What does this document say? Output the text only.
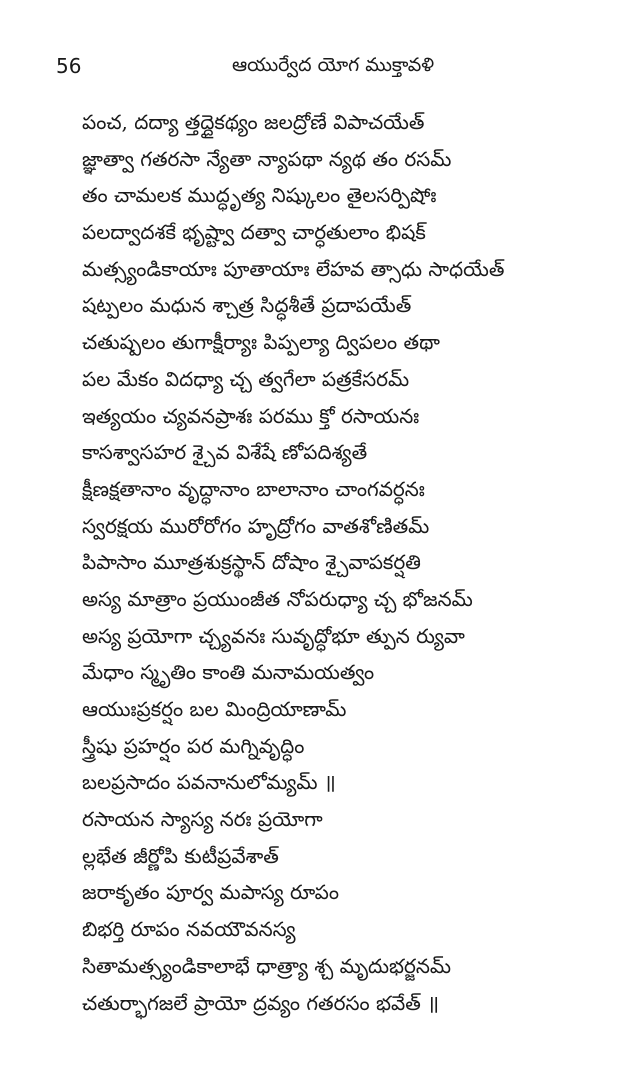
56	ఆయుర్వేద యోగ ముక్తావళి
పంచ, దద్యా త్తద్దైకథ్యం జలద్రోణే విపాచయేత్
జ్ఞాత్వా గతరసా న్యేతా న్యాపథా న్యథ తం రసమ్
తం చామలక ముద్ధృత్య నిష్కులం తైలసర్పిషోః
పలద్వాదశకే భృష్ట్వా దత్వా చార్ధతులాం భిషక్
మత్స్యండికాయాః పూతాయాః లేహవ త్సాధు సాధయేత్
షట్పలం మధున శ్చాత్ర సిద్ధశీతే ప్రదాపయేత్
చతుష్పలం తుగాక్షీర్యాః పిప్పల్యా ద్విపలం తథా
పల మేకం విదధ్యా చ్చ త్వగేలా పత్రకేసరమ్
ఇత్యయం చ్యవనప్రాశః పరము క్తో రసాయనః
కాసశ్వాసహర శ్చైవ విశేషే ణోపదిశ్యతే
క్షీణక్షతానాం వృద్ధానాం బాలానాం చాంగవర్ధనః
స్వరక్షయ మురోరోగం హృద్రోగం వాతశోణితమ్
పిపాసాం మూత్రశుక్రస్థాన్ దోషాం శ్చైవాపకర్షతి
అస్య మాత్రాం ప్రయుంజీత నోపరుధ్యా చ్చ భోజనమ్
అస్య ప్రయోగా చ్చ్యవనః సువృద్ధోభూ త్పున ర్యువా
మేధాం స్మృతిం కాంతి మనామయత్వం
ఆయుఃప్రకర్షం బల మింద్రియాణామ్
స్త్రీషు ప్రహర్షం పర మగ్నివృద్ధిం
బలప్రసాదం పవనానులోమ్యమ్ ॥
రసాయన స్యాస్య నరః ప్రయోగా
ల్లభేత జీర్ణోపి కుటీప్రవేశాత్
జరాకృతం పూర్వ మపాస్య రూపం
బిభర్తి రూపం నవయౌవనస్య
సితామత్స్యండికాలాభే ధాత్ర్యా శ్చ మృదుభర్జనమ్
చతుర్భాగజలే ప్రాయో ద్రవ్యం గతరసం భవేత్ ॥
